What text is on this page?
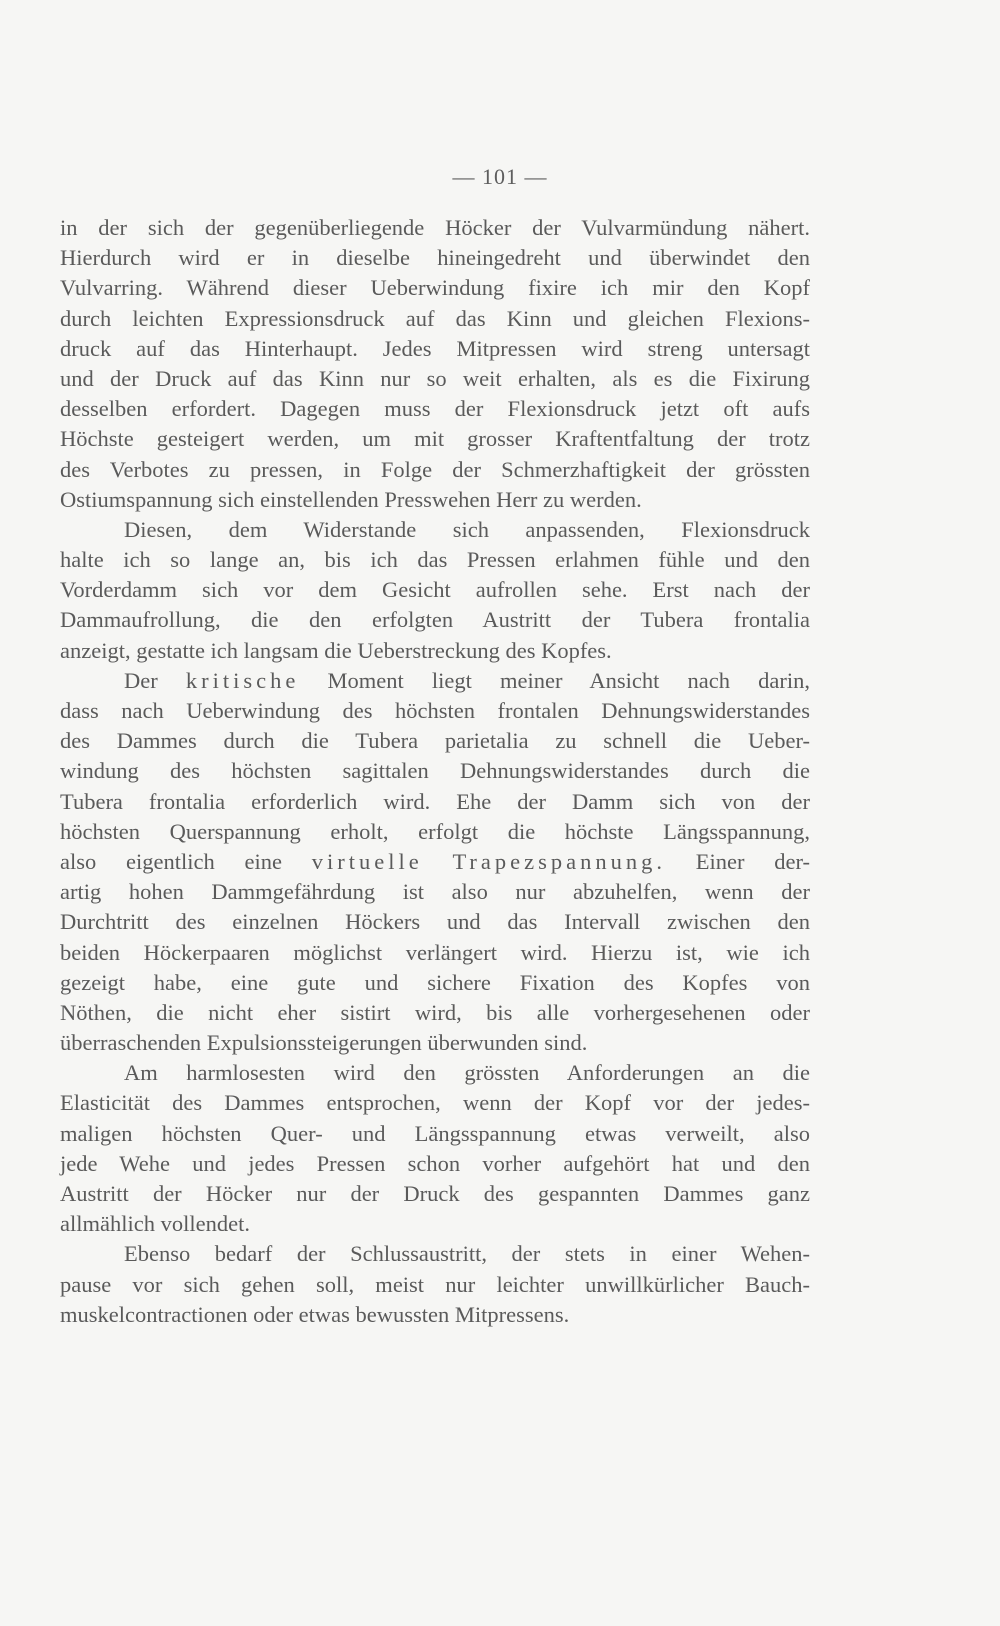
— 101 —
in der sich der gegenüberliegende Höcker der Vulvarmündung nähert.
Hierdurch wird er in dieselbe hineingedreht und überwindet den
Vulvarring. Während dieser Ueberwindung fixire ich mir den Kopf
durch leichten Expressionsdruck auf das Kinn und gleichen Flexions-
druck auf das Hinterhaupt. Jedes Mitpressen wird streng untersagt
und der Druck auf das Kinn nur so weit erhalten, als es die Fixirung
desselben erfordert. Dagegen muss der Flexionsdruck jetzt oft aufs
Höchste gesteigert werden, um mit grosser Kraftentfaltung der trotz
des Verbotes zu pressen, in Folge der Schmerzhaftigkeit der grössten
Ostiumspannung sich einstellenden Presswehen Herr zu werden.
Diesen, dem Widerstande sich anpassenden, Flexionsdruck
halte ich so lange an, bis ich das Pressen erlahmen fühle und den
Vorderdamm sich vor dem Gesicht aufrollen sehe. Erst nach der
Dammaufrollung, die den erfolgten Austritt der Tubera frontalia
anzeigt, gestatte ich langsam die Ueberstreckung des Kopfes.
Der kritische Moment liegt meiner Ansicht nach darin,
dass nach Ueberwindung des höchsten frontalen Dehnungswiderstandes
des Dammes durch die Tubera parietalia zu schnell die Ueber-
windung des höchsten sagittalen Dehnungswiderstandes durch die
Tubera frontalia erforderlich wird. Ehe der Damm sich von der
höchsten Querspannung erholt, erfolgt die höchste Längsspannung,
also eigentlich eine virtuelle Trapezspannung. Einer der-
artig hohen Dammgefährdung ist also nur abzuhelfen, wenn der
Durchtritt des einzelnen Höckers und das Intervall zwischen den
beiden Höckerpaaren möglichst verlängert wird. Hierzu ist, wie ich
gezeigt habe, eine gute und sichere Fixation des Kopfes von
Nöthen, die nicht eher sistirt wird, bis alle vorhergesehenen oder
überraschenden Expulsionssteigerungen überwunden sind.
Am harmlosesten wird den grössten Anforderungen an die
Elasticität des Dammes entsprochen, wenn der Kopf vor der jedes-
maligen höchsten Quer- und Längsspannung etwas verweilt, also
jede Wehe und jedes Pressen schon vorher aufgehört hat und den
Austritt der Höcker nur der Druck des gespannten Dammes ganz
allmählich vollendet.
Ebenso bedarf der Schlussaustritt, der stets in einer Wehen-
pause vor sich gehen soll, meist nur leichter unwillkürlicher Bauch-
muskelcontractionen oder etwas bewussten Mitpressens.
